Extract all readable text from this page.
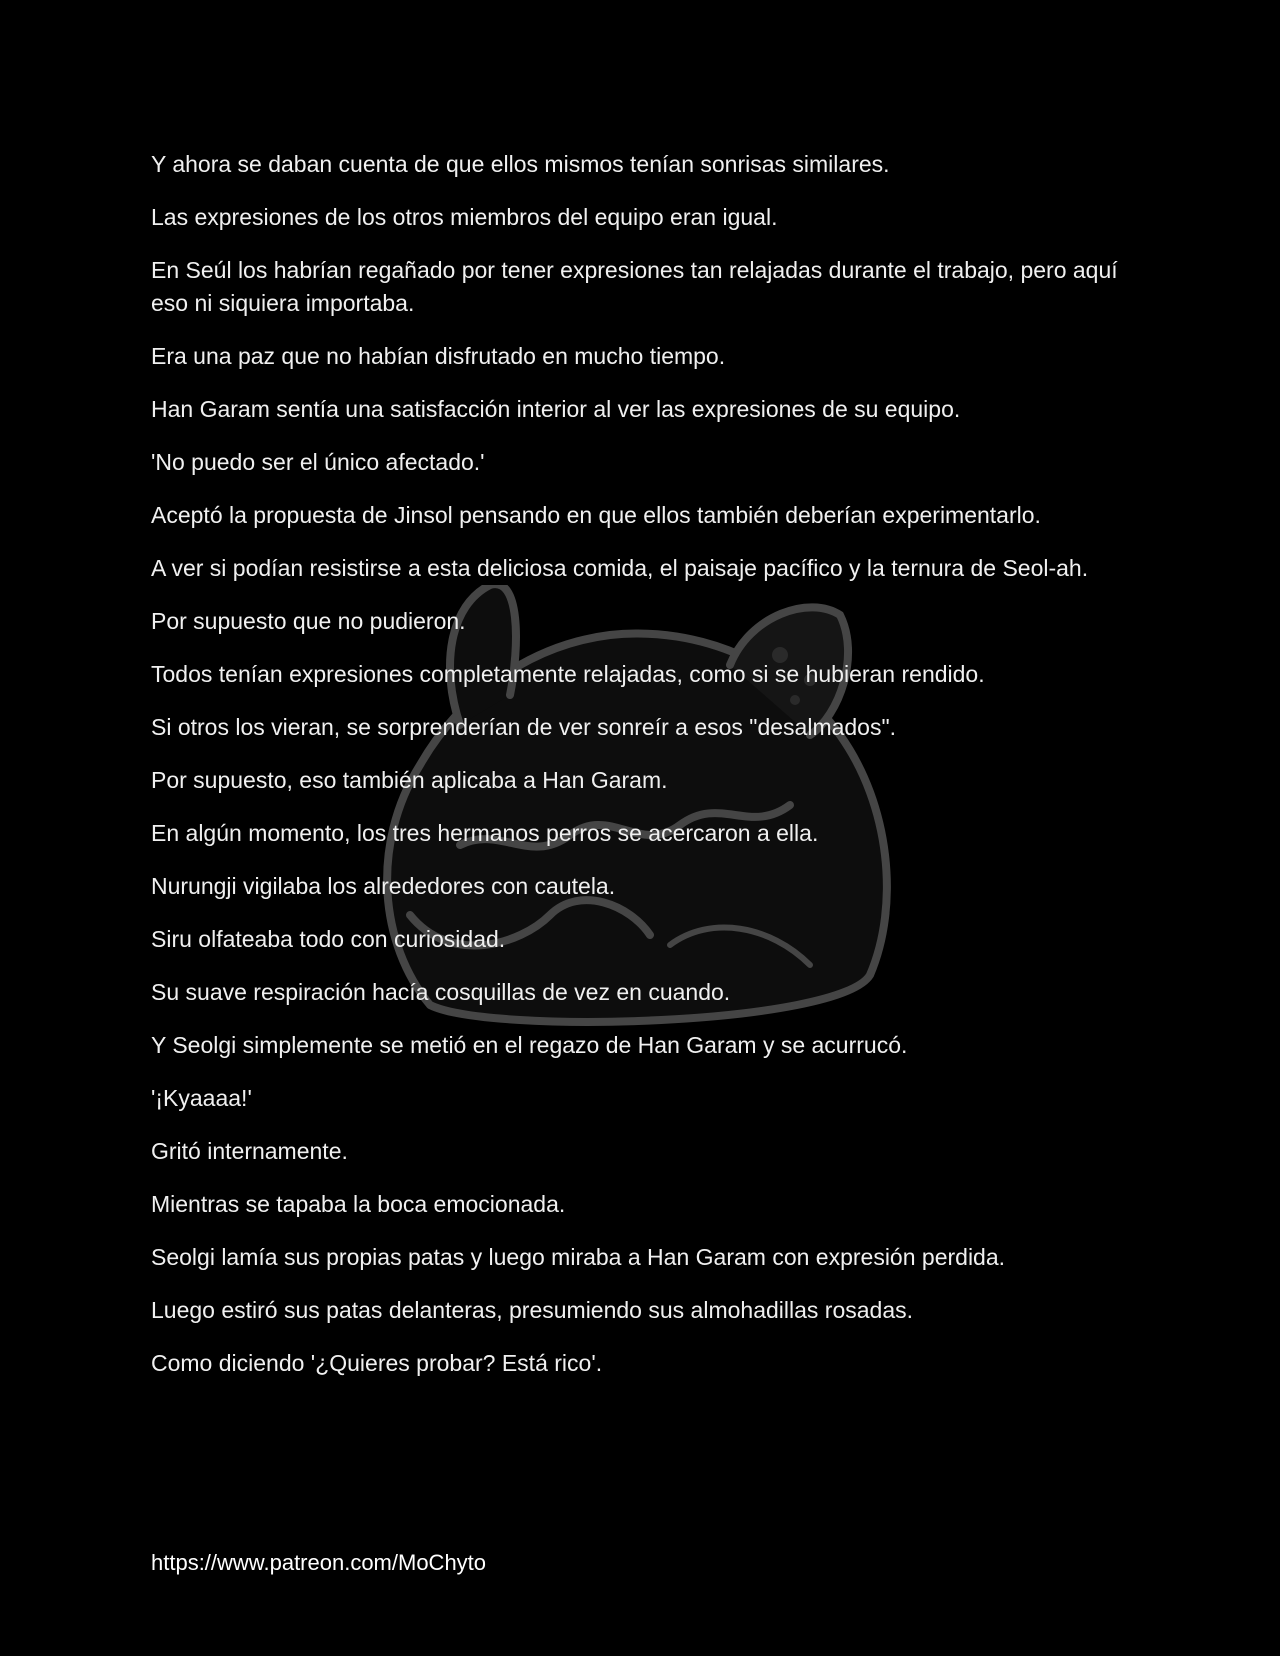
Y ahora se daban cuenta de que ellos mismos tenían sonrisas similares.

Las expresiones de los otros miembros del equipo eran igual.

En Seúl los habrían regañado por tener expresiones tan relajadas durante el trabajo, pero aquí eso ni siquiera importaba.

Era una paz que no habían disfrutado en mucho tiempo.

Han Garam sentía una satisfacción interior al ver las expresiones de su equipo.

'No puedo ser el único afectado.'

Aceptó la propuesta de Jinsol pensando en que ellos también deberían experimentarlo.

A ver si podían resistirse a esta deliciosa comida, el paisaje pacífico y la ternura de Seol-ah.

Por supuesto que no pudieron.

Todos tenían expresiones completamente relajadas, como si se hubieran rendido.

Si otros los vieran, se sorprenderían de ver sonreír a esos "desalmados".

Por supuesto, eso también aplicaba a Han Garam.

En algún momento, los tres hermanos perros se acercaron a ella.

Nurungji vigilaba los alrededores con cautela.

Siru olfateaba todo con curiosidad.

Su suave respiración hacía cosquillas de vez en cuando.

Y Seolgi simplemente se metió en el regazo de Han Garam y se acurrucó.

'¡Kyaaaa!'

Gritó internamente.

Mientras se tapaba la boca emocionada.

Seolgi lamía sus propias patas y luego miraba a Han Garam con expresión perdida.

Luego estiró sus patas delanteras, presumiendo sus almohadillas rosadas.

Como diciendo '¿Quieres probar? Está rico'.

https://www.patreon.com/MoChyto
